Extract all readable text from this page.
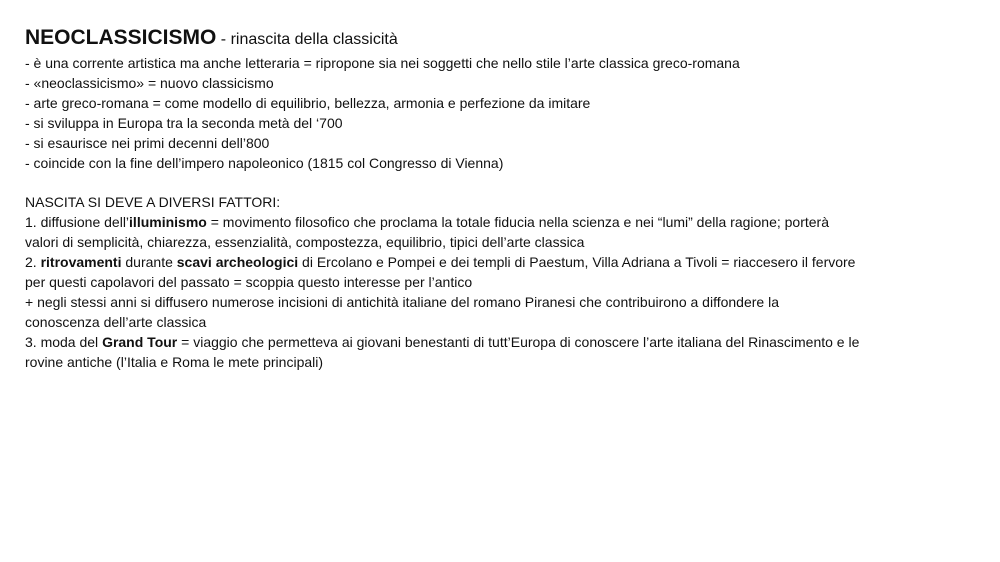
NEOCLASSICISMO - rinascita della classicità

- è una corrente artistica ma anche letteraria = ripropone sia nei soggetti che nello stile l’arte classica greco-romana

- «neoclassicismo» = nuovo classicismo

- arte greco-romana = come modello di equilibrio, bellezza, armonia e perfezione da imitare

- si sviluppa in Europa tra la seconda metà del ‘700

- si esaurisce nei primi decenni dell’800

- coincide con la fine dell’impero napoleonico (1815 col Congresso di Vienna)

NASCITA SI DEVE A DIVERSI FATTORI:

1. diffusione dell’illuminismo = movimento filosofico che proclama la totale fiducia nella scienza e nei “lumi” della ragione; porterà

valori di semplicità, chiarezza, essenzialità, compostezza, equilibrio, tipici dell’arte classica

2. ritrovamenti durante scavi archeologici di Ercolano e Pompei e dei templi di Paestum, Villa Adriana a Tivoli = riaccesero il fervore

per questi capolavori del passato = scoppia questo interesse per l’antico

+ negli stessi anni si diffusero numerose incisioni di antichità italiane del romano Piranesi che contribuirono a diffondere la

conoscenza dell’arte classica

3. moda del Grand Tour = viaggio che permetteva ai giovani benestanti di tutt’Europa di conoscere l’arte italiana del Rinascimento e le

rovine antiche (l’Italia e Roma le mete principali)
